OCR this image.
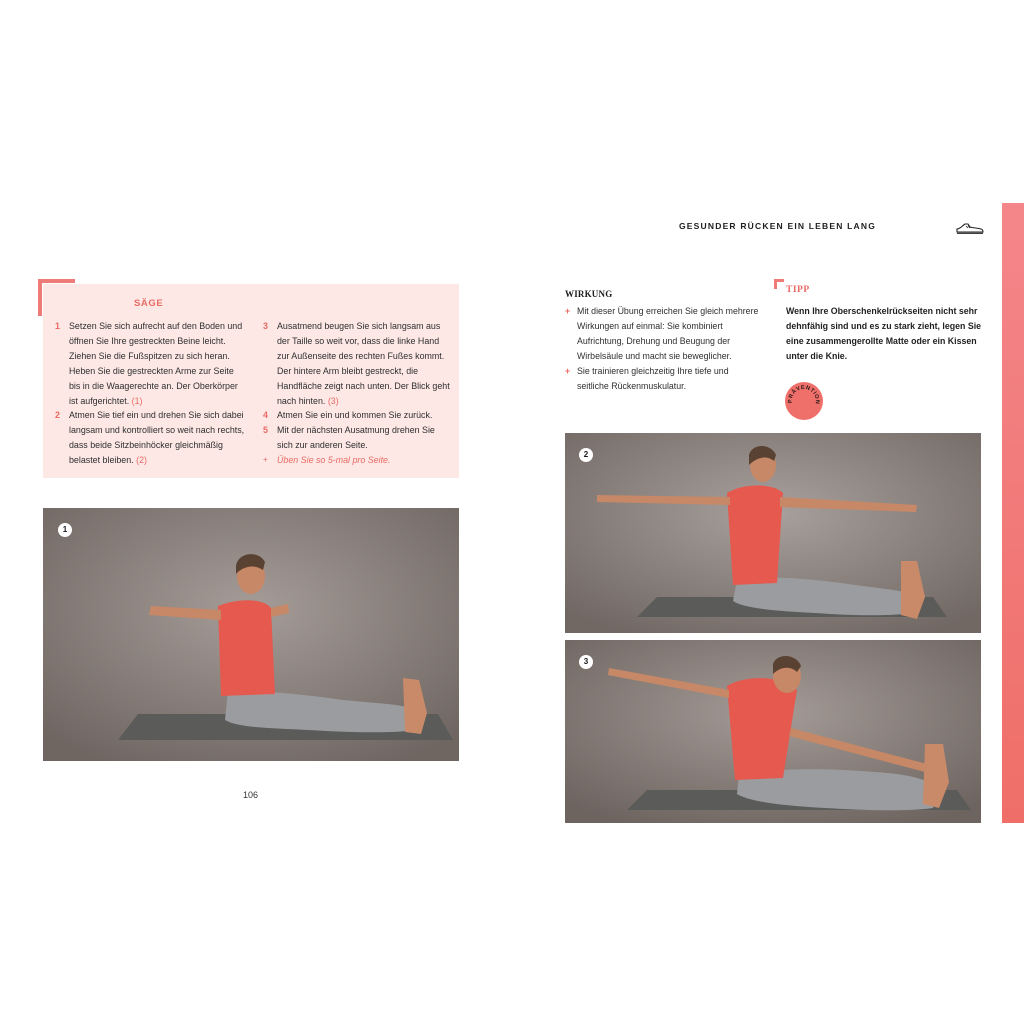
GESUNDER RÜCKEN EIN LEBEN LANG
SÄGE
1	Setzen Sie sich aufrecht auf den Boden und öffnen Sie Ihre gestreckten Beine leicht. Ziehen Sie die Fußspitzen zu sich heran. Heben Sie die gestreckten Arme zur Seite bis in die Waagerechte an. Der Oberkörper ist aufgerichtet. (1)
2	Atmen Sie tief ein und drehen Sie sich dabei langsam und kontrolliert so weit nach rechts, dass beide Sitzbeinhöcker gleichmäßig belastet bleiben. (2)
3	Ausatmend beugen Sie sich langsam aus der Taille so weit vor, dass die linke Hand zur Außenseite des rechten Fußes kommt. Der hintere Arm bleibt gestreckt, die Handfläche zeigt nach unten. Der Blick geht nach hinten. (3)
4	Atmen Sie ein und kommen Sie zurück.
5	Mit der nächsten Ausatmung drehen Sie sich zur anderen Seite.
+	Üben Sie so 5-mal pro Seite.
1
106
WIRKUNG
+ Mit dieser Übung erreichen Sie gleich mehrere Wirkungen auf einmal: Sie kombiniert Aufrichtung, Drehung und Beugung der Wirbelsäule und macht sie beweglicher.
+ Sie trainieren gleichzeitig Ihre tiefe und seitliche Rückenmuskulatur.
TIPP
Wenn Ihre Oberschenkelrückseiten nicht sehr dehnfähig sind und es zu stark zieht, legen Sie eine zusammengerollte Matte oder ein Kissen unter die Knie.
PRÄVENTION
2
3
